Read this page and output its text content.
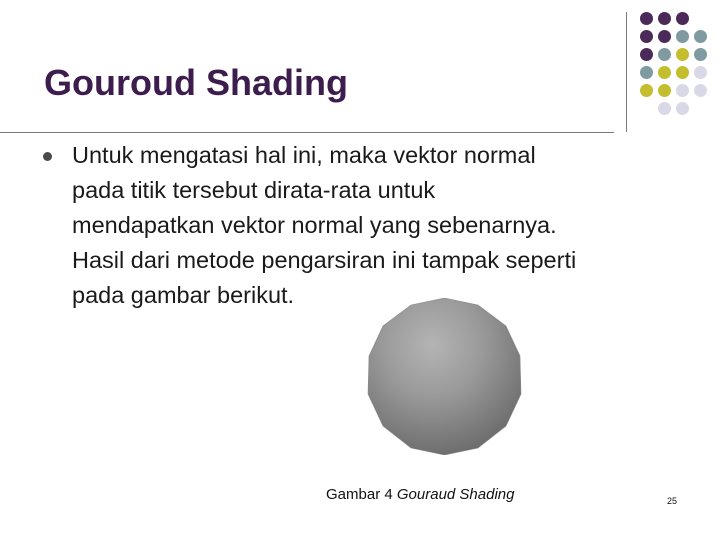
Gouroud Shading
Untuk mengatasi hal ini, maka vektor normal
pada titik tersebut dirata-rata untuk
mendapatkan vektor normal yang sebenarnya.
Hasil dari metode pengarsiran ini tampak seperti
pada gambar berikut.
Gambar 4 Gouraud Shading	25
